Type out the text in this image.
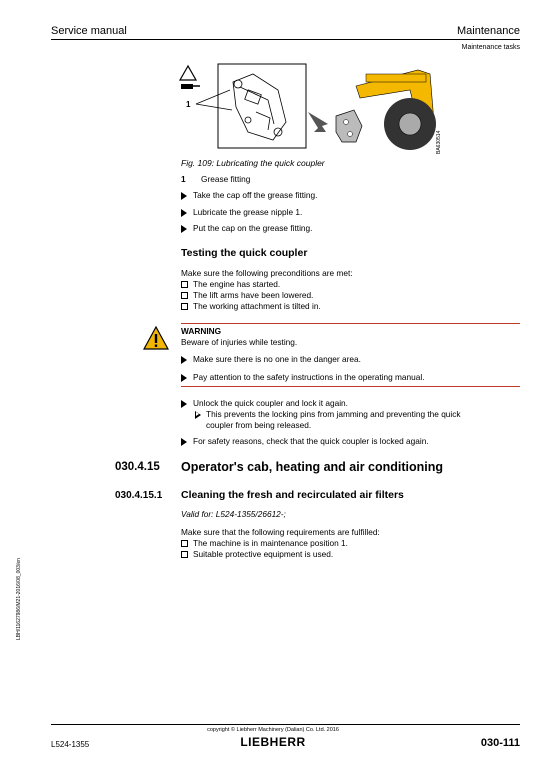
Service manual	Maintenance
Maintenance tasks
1
BA630514
Fig. 109: Lubricating the quick coupler
1 Grease fitting
Take the cap off the grease fitting.
Lubricate the grease nipple 1.
Put the cap on the grease fitting.
Testing the quick coupler
Make sure the following preconditions are met:
The engine has started.
The lift arms have been lowered.
The working attachment is tilted in.
WARNING
Beware of injuries while testing.
Make sure there is no one in the danger area.
Pay attention to the safety instructions in the operating manual.
Unlock the quick coupler and lock it again.
This prevents the locking pins from jamming and preventing the quick
coupler from being released.
For safety reasons, check that the quick coupler is locked again.
030.4.15 Operator's cab, heating and air conditioning
030.4.15.1 Cleaning the fresh and recirculated air filters
Valid for: L524-1355/26612-;
Make sure that the following requirements are fulfilled:
The machine is in maintenance position 1.
Suitable protective equipment is used.
LBH/11627986/M21-2016/08_003/en
copyright © Liebherr Machinery (Dalian) Co. Ltd. 2016
LIEBHERR
L524-1355	030-111
